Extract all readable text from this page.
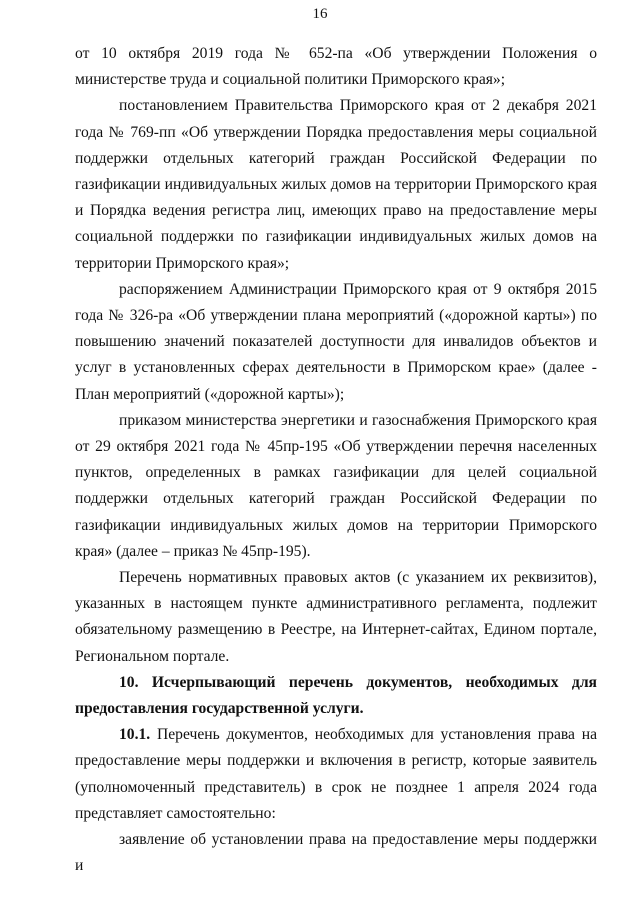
16

от 10 октября 2019 года № 652-па «Об утверждении Положения о министерстве труда и социальной политики Приморского края»;

постановлением Правительства Приморского края от 2 декабря 2021 года № 769-пп «Об утверждении Порядка предоставления меры социальной поддержки отдельных категорий граждан Российской Федерации по газификации индивидуальных жилых домов на территории Приморского края и Порядка ведения регистра лиц, имеющих право на предоставление меры социальной поддержки по газификации индивидуальных жилых домов на территории Приморского края»;

распоряжением Администрации Приморского края от 9 октября 2015 года № 326-ра «Об утверждении плана мероприятий («дорожной карты») по повышению значений показателей доступности для инвалидов объектов и услуг в установленных сферах деятельности в Приморском крае» (далее - План мероприятий («дорожной карты»);

приказом министерства энергетики и газоснабжения Приморского края от 29 октября 2021 года № 45пр-195 «Об утверждении перечня населенных пунктов, определенных в рамках газификации для целей социальной поддержки отдельных категорий граждан Российской Федерации по газификации индивидуальных жилых домов на территории Приморского края» (далее – приказ № 45пр-195).

Перечень нормативных правовых актов (с указанием их реквизитов), указанных в настоящем пункте административного регламента, подлежит обязательному размещению в Реестре, на Интернет-сайтах, Едином портале, Региональном портале.

10. Исчерпывающий перечень документов, необходимых для предоставления государственной услуги.

10.1. Перечень документов, необходимых для установления права на предоставление меры поддержки и включения в регистр, которые заявитель (уполномоченный представитель) в срок не позднее 1 апреля 2024 года представляет самостоятельно:

заявление об установлении права на предоставление меры поддержки и
